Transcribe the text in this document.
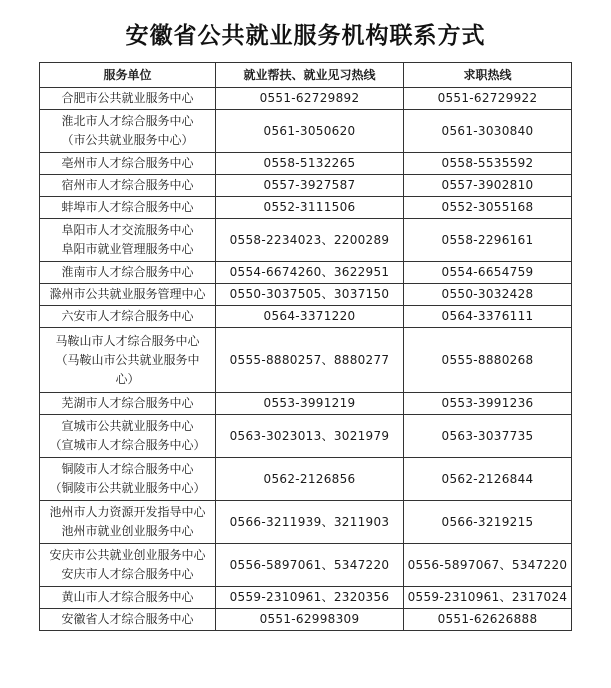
安徽省公共就业服务机构联系方式
服务单位	就业帮扶、就业见习热线	求职热线

合肥市公共就业服务中心	0551-62729892	0551-62729922

淮北市人才综合服务中心
（市公共就业服务中心）	0561-3050620	0561-3030840

亳州市人才综合服务中心	0558-5132265	0558-5535592

宿州市人才综合服务中心	0557-3927587	0557-3902810

蚌埠市人才综合服务中心	0552-3111506	0552-3055168

阜阳市人才交流服务中心
阜阳市就业管理服务中心	0558-2234023、2200289	0558-2296161

淮南市人才综合服务中心	0554-6674260、3622951	0554-6654759

滁州市公共就业服务管理中心	0550-3037505、3037150	0550-3032428

六安市人才综合服务中心	0564-3371220	0564-3376111

马鞍山市人才综合服务中心
（马鞍山市公共就业服务中
心）	0555-8880257、8880277	0555-8880268

芜湖市人才综合服务中心	0553-3991219	0553-3991236

宣城市公共就业服务中心
（宣城市人才综合服务中心）	0563-3023013、3021979	0563-3037735

铜陵市人才综合服务中心
（铜陵市公共就业服务中心）	0562-2126856	0562-2126844

池州市人力资源开发指导中心
池州市就业创业服务中心	0566-3211939、3211903	0566-3219215

安庆市公共就业创业服务中心
安庆市人才综合服务中心	0556-5897061、5347220	0556-5897067、5347220

黄山市人才综合服务中心	0559-2310961、2320356	0559-2310961、2317024

安徽省人才综合服务中心	0551-62998309	0551-62626888
